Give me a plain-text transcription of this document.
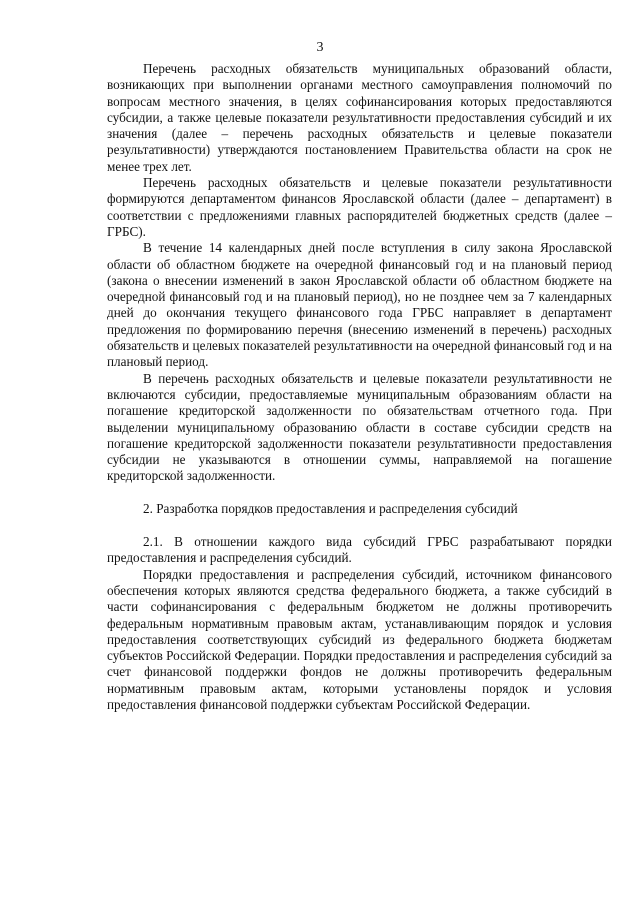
3

Перечень расходных обязательств муниципальных образований области, возникающих при выполнении органами местного самоуправления полномочий по вопросам местного значения, в целях софинансирования которых предоставляются субсидии, а также целевые показатели результативности предоставления субсидий и их значения (далее – перечень расходных обязательств и целевые показатели результативности) утверждаются постановлением Правительства области на срок не менее трех лет.

Перечень расходных обязательств и целевые показатели результативности формируются департаментом финансов Ярославской области (далее – департамент) в соответствии с предложениями главных распорядителей бюджетных средств (далее – ГРБС).

В течение 14 календарных дней после вступления в силу закона Ярославской области об областном бюджете на очередной финансовый год и на плановый период (закона о внесении изменений в закон Ярославской области об областном бюджете на очередной финансовый год и на плановый период), но не позднее чем за 7 календарных дней до окончания текущего финансового года ГРБС направляет в департамент предложения по формированию перечня (внесению изменений в перечень) расходных обязательств и целевых показателей результативности на очередной финансовый год и на плановый период.

В перечень расходных обязательств и целевые показатели результативности не включаются субсидии, предоставляемые муниципальным образованиям области на погашение кредиторской задолженности по обязательствам отчетного года. При выделении муниципальному образованию области в составе субсидии средств на погашение кредиторской задолженности показатели результативности предоставления субсидии не указываются в отношении суммы, направляемой на погашение кредиторской задолженности.

2. Разработка порядков предоставления и распределения субсидий

2.1. В отношении каждого вида субсидий ГРБС разрабатывают порядки предоставления и распределения субсидий.

Порядки предоставления и распределения субсидий, источником финансового обеспечения которых являются средства федерального бюджета, а также субсидий в части софинансирования с федеральным бюджетом не должны противоречить федеральным нормативным правовым актам, устанавливающим порядок и условия предоставления соответствующих субсидий из федерального бюджета бюджетам субъектов Российской Федерации. Порядки предоставления и распределения субсидий за счет финансовой поддержки фондов не должны противоречить федеральным нормативным правовым актам, которыми установлены порядок и условия предоставления финансовой поддержки субъектам Российской Федерации.
